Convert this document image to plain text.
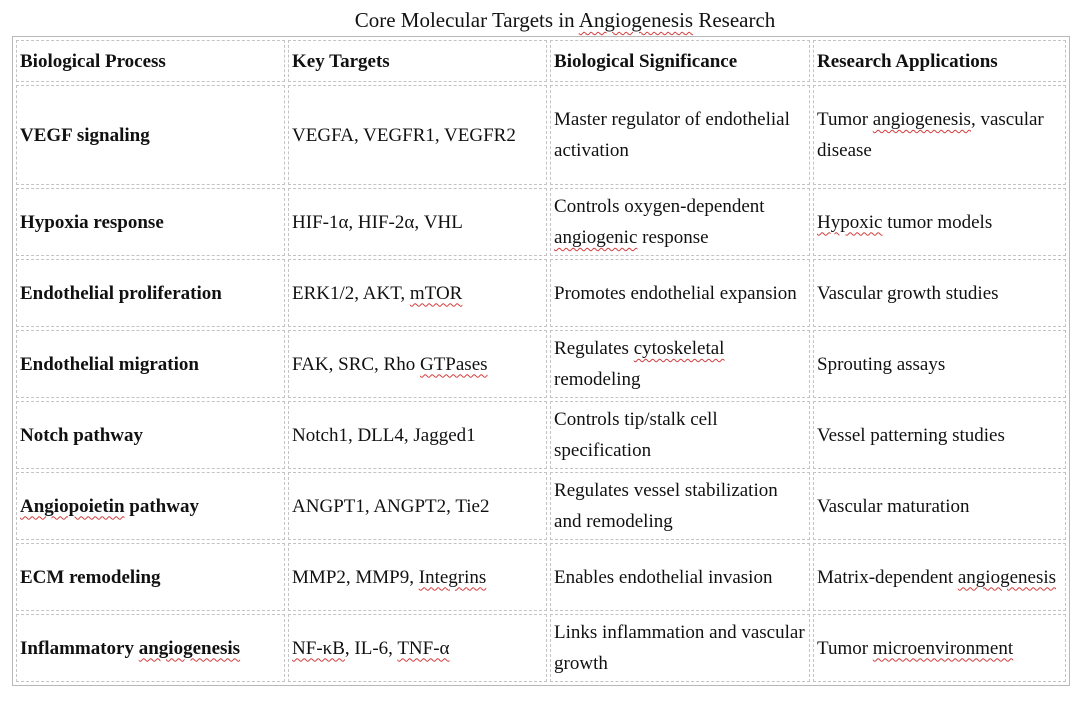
Core Molecular Targets in Angiogenesis Research
Biological Process	Key Targets	Biological Significance	Research Applications
VEGF signaling	VEGFA, VEGFR1, VEGFR2	Master regulator of endothelial activation	Tumor angiogenesis, vascular disease
Hypoxia response	HIF-1α, HIF-2α, VHL	Controls oxygen-dependent angiogenic response	Hypoxic tumor models
Endothelial proliferation	ERK1/2, AKT, mTOR	Promotes endothelial expansion	Vascular growth studies
Endothelial migration	FAK, SRC, Rho GTPases	Regulates cytoskeletal remodeling	Sprouting assays
Notch pathway	Notch1, DLL4, Jagged1	Controls tip/stalk cell specification	Vessel patterning studies
Angiopoietin pathway	ANGPT1, ANGPT2, Tie2	Regulates vessel stabilization and remodeling	Vascular maturation
ECM remodeling	MMP2, MMP9, Integrins	Enables endothelial invasion	Matrix-dependent angiogenesis
Inflammatory angiogenesis	NF-κB, IL-6, TNF-α	Links inflammation and vascular growth	Tumor microenvironment
